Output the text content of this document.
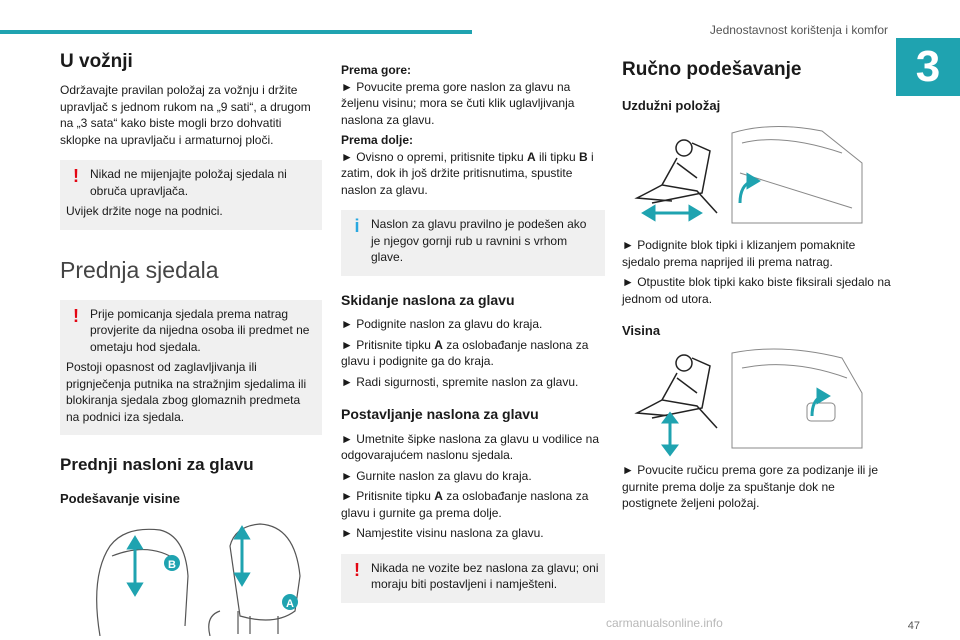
Jednostavnost korištenja i komfor
3
U vožnji

Održavajte pravilan položaj za vožnju i držite upravljač s jednom rukom na „9 sati“, a drugom na „3 sata“ kako biste mogli brzo dohvatiti sklopke na upravljaču i armaturnoj ploči.

! Nikad ne mijenjajte položaj sjedala ni obruča upravljača.

Uvijek držite noge na podnici.

Prednja sjedala
! Prije pomicanja sjedala prema natrag provjerite da nijedna osoba ili predmet ne ometaju hod sjedala.

Postoji opasnost od zaglavljivanja ili prignječenja putnika na stražnjim sjedalima ili blokiranja sjedala zbog glomaznih predmeta na podnici iza sjedala.

Prednji nasloni za glavu
Podešavanje visine
B
A

Prema gore:

► Povucite prema gore naslon za glavu na željenu visinu; mora se čuti klik uglavljivanja naslona za glavu.

Prema dolje:

► Ovisno o opremi, pritisnite tipku A ili tipku B i zatim, dok ih još držite pritisnutima, spustite naslon za glavu.

i Naslon za glavu pravilno je podešen ako je njegov gornji rub u ravnini s vrhom glave.

Skidanje naslona za glavu

► Podignite naslon za glavu do kraja.

► Pritisnite tipku A za oslobađanje naslona za glavu i podignite ga do kraja.

► Radi sigurnosti, spremite naslon za glavu.

Postavljanje naslona za glavu

► Umetnite šipke naslona za glavu u vodilice na odgovarajućem naslonu sjedala.

► Gurnite naslon za glavu do kraja.

► Pritisnite tipku A za oslobađanje naslona za glavu i gurnite ga prema dolje.

► Namjestite visinu naslona za glavu.

! Nikada ne vozite bez naslona za glavu; oni moraju biti postavljeni i namješteni.

Ručno podešavanje
Uzdužni položaj

► Podignite blok tipki i klizanjem pomaknite sjedalo prema naprijed ili prema natrag.

► Otpustite blok tipki kako biste fiksirali sjedalo na jednom od utora.

Visina

► Povucite ručicu prema gore za podizanje ili je gurnite prema dolje za spuštanje dok ne postignete željeni položaj.

carmanualsonline.info	47
